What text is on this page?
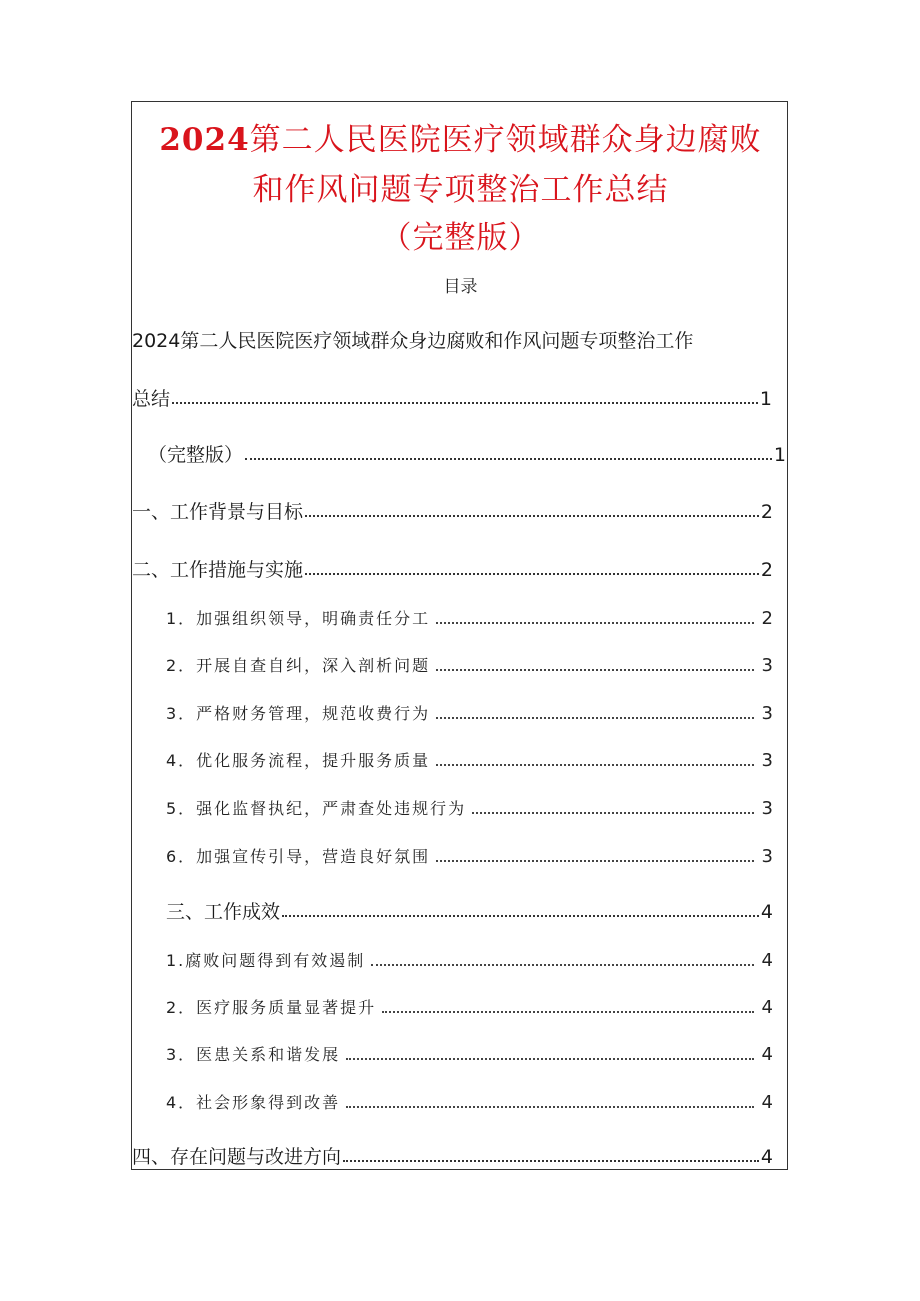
2024第二人民医院医疗领域群众身边腐败
和作风问题专项整治工作总结
（完整版）
目录
2024第二人民医院医疗领域群众身边腐败和作风问题专项整治工作
总结	1
（完整版）	1
一、工作背景与目标	2
二、工作措施与实施	2
1．加强组织领导，明确责任分工	2
2．开展自查自纠，深入剖析问题	3
3．严格财务管理，规范收费行为	3
4．优化服务流程，提升服务质量	3
5．强化监督执纪，严肃查处违规行为	3
6．加强宣传引导，营造良好氛围	3
三、工作成效	4
1.腐败问题得到有效遏制	4
2．医疗服务质量显著提升	4
3．医患关系和谐发展	4
4．社会形象得到改善	4
四、存在问题与改进方向	4
